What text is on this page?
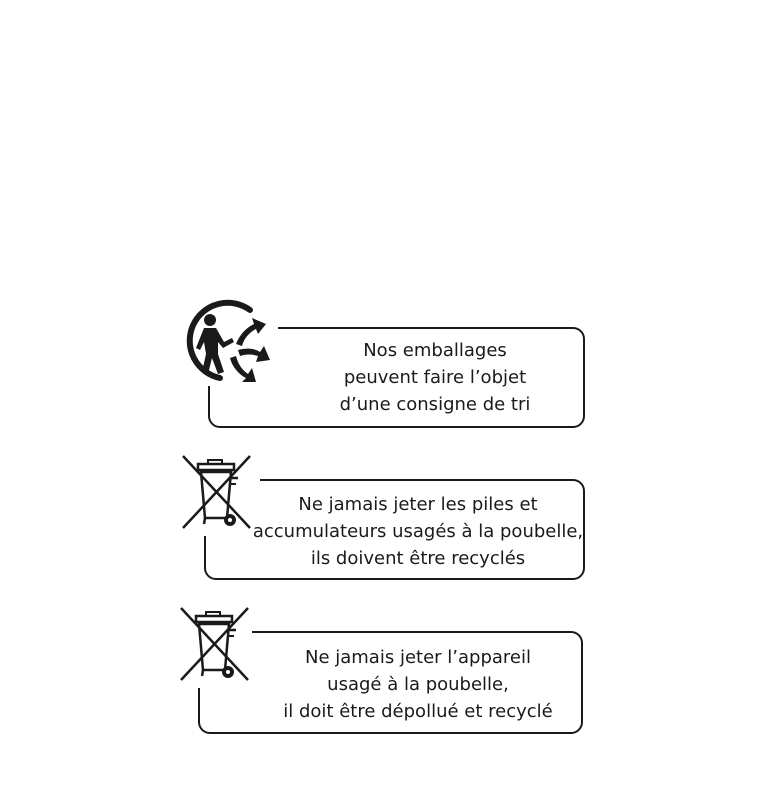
Nos emballages
peuvent faire l’objet
d’une consigne de tri
Ne jamais jeter les piles et
accumulateurs usagés à la poubelle,
ils doivent être recyclés
Ne jamais jeter l’appareil
usagé à la poubelle,
il doit être dépollué et recyclé
